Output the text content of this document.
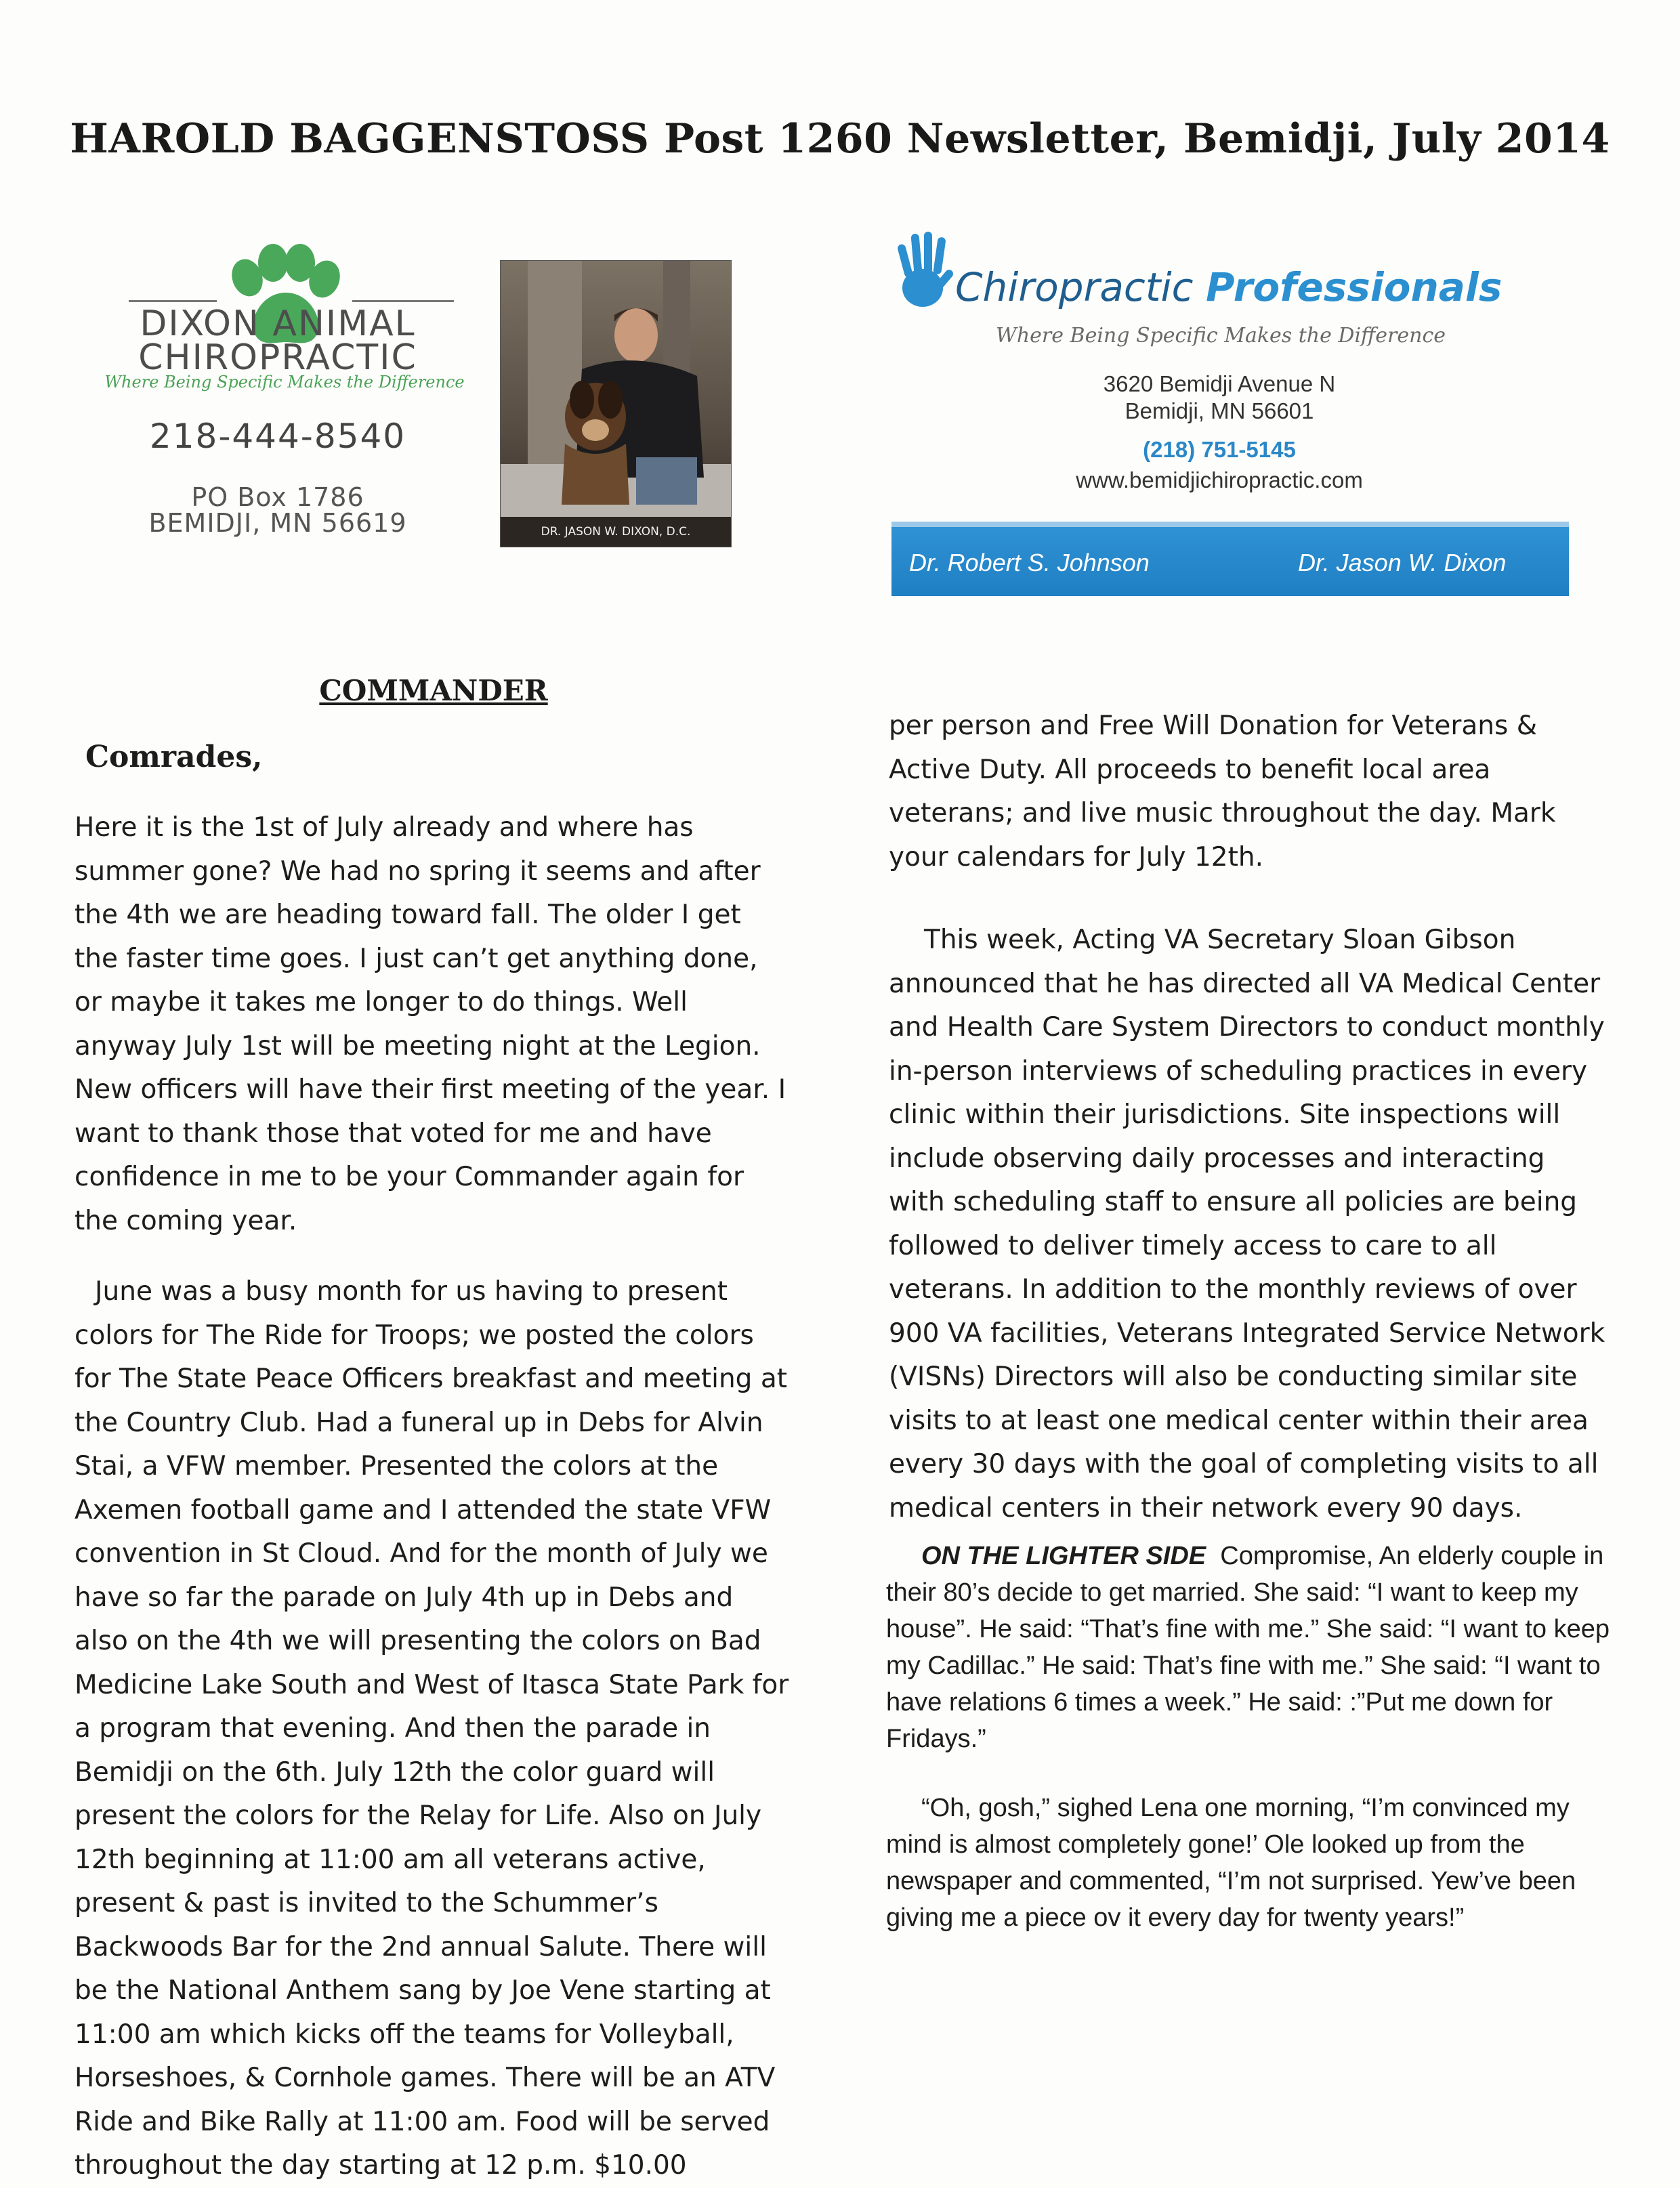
HAROLD BAGGENSTOSS Post 1260 Newsletter, Bemidji, July 2014
DIXON ANIMAL
CHIROPRACTIC
Where Being Specific Makes the Difference
218-444-8540
PO Box 1786
BEMIDJI, MN 56619	DR. JASON W. DIXON, D.C.
Chiropractic Professionals
Where Being Specific Makes the Difference
3620 Bemidji Avenue N
Bemidji, MN 56601
(218) 751-5145
www.bemidjichiropractic.com
Dr. Robert S. Johnson	Dr. Jason W. Dixon
COMMANDER
Comrades,

Here it is the 1st of July already and where has summer gone? We had no spring it seems and after the 4th we are heading toward fall. The older I get the faster time goes. I just can’t get anything done, or maybe it takes me longer to do things. Well anyway July 1st will be meeting night at the Legion. New officers will have their first meeting of the year. I want to thank those that voted for me and have confidence in me to be your Commander again for the coming year.

June was a busy month for us having to present colors for The Ride for Troops; we posted the colors for The State Peace Officers breakfast and meeting at the Country Club. Had a funeral up in Debs for Alvin Stai, a VFW member. Presented the colors at the Axemen football game and I attended the state VFW convention in St Cloud. And for the month of July we have so far the parade on July 4th up in Debs and also on the 4th we will presenting the colors on Bad Medicine Lake South and West of Itasca State Park for a program that evening. And then the parade in Bemidji on the 6th. July 12th the color guard will present the colors for the Relay for Life. Also on July 12th beginning at 11:00 am all veterans active, present & past is invited to the Schummer’s Backwoods Bar for the 2nd annual Salute. There will be the National Anthem sang by Joe Vene starting at 11:00 am which kicks off the teams for Volleyball, Horseshoes, & Cornhole games. There will be an ATV Ride and Bike Rally at 11:00 am. Food will be served throughout the day starting at 12 p.m. $10.00

per person and Free Will Donation for Veterans & Active Duty. All proceeds to benefit local area veterans; and live music throughout the day. Mark your calendars for July 12th.

This week, Acting VA Secretary Sloan Gibson announced that he has directed all VA Medical Center and Health Care System Directors to conduct monthly in-person interviews of scheduling practices in every clinic within their jurisdictions. Site inspections will include observing daily processes and interacting with scheduling staff to ensure all policies are being followed to deliver timely access to care to all veterans. In addition to the monthly reviews of over 900 VA facilities, Veterans Integrated Service Network (VISNs) Directors will also be conducting similar site visits to at least one medical center within their area every 30 days with the goal of completing visits to all medical centers in their network every 90 days.

ON THE LIGHTER SIDE Compromise, An elderly couple in their 80’s decide to get married. She said: “I want to keep my house”. He said: “That’s fine with me.” She said: “I want to keep my Cadillac.” He said: That’s fine with me.” She said: “I want to have relations 6 times a week.” He said: :”Put me down for Fridays.”

“Oh, gosh,” sighed Lena one morning, “I’m convinced my mind is almost completely gone!’ Ole looked up from the newspaper and commented, “I’m not surprised. Yew’ve been giving me a piece ov it every day for twenty years!”
